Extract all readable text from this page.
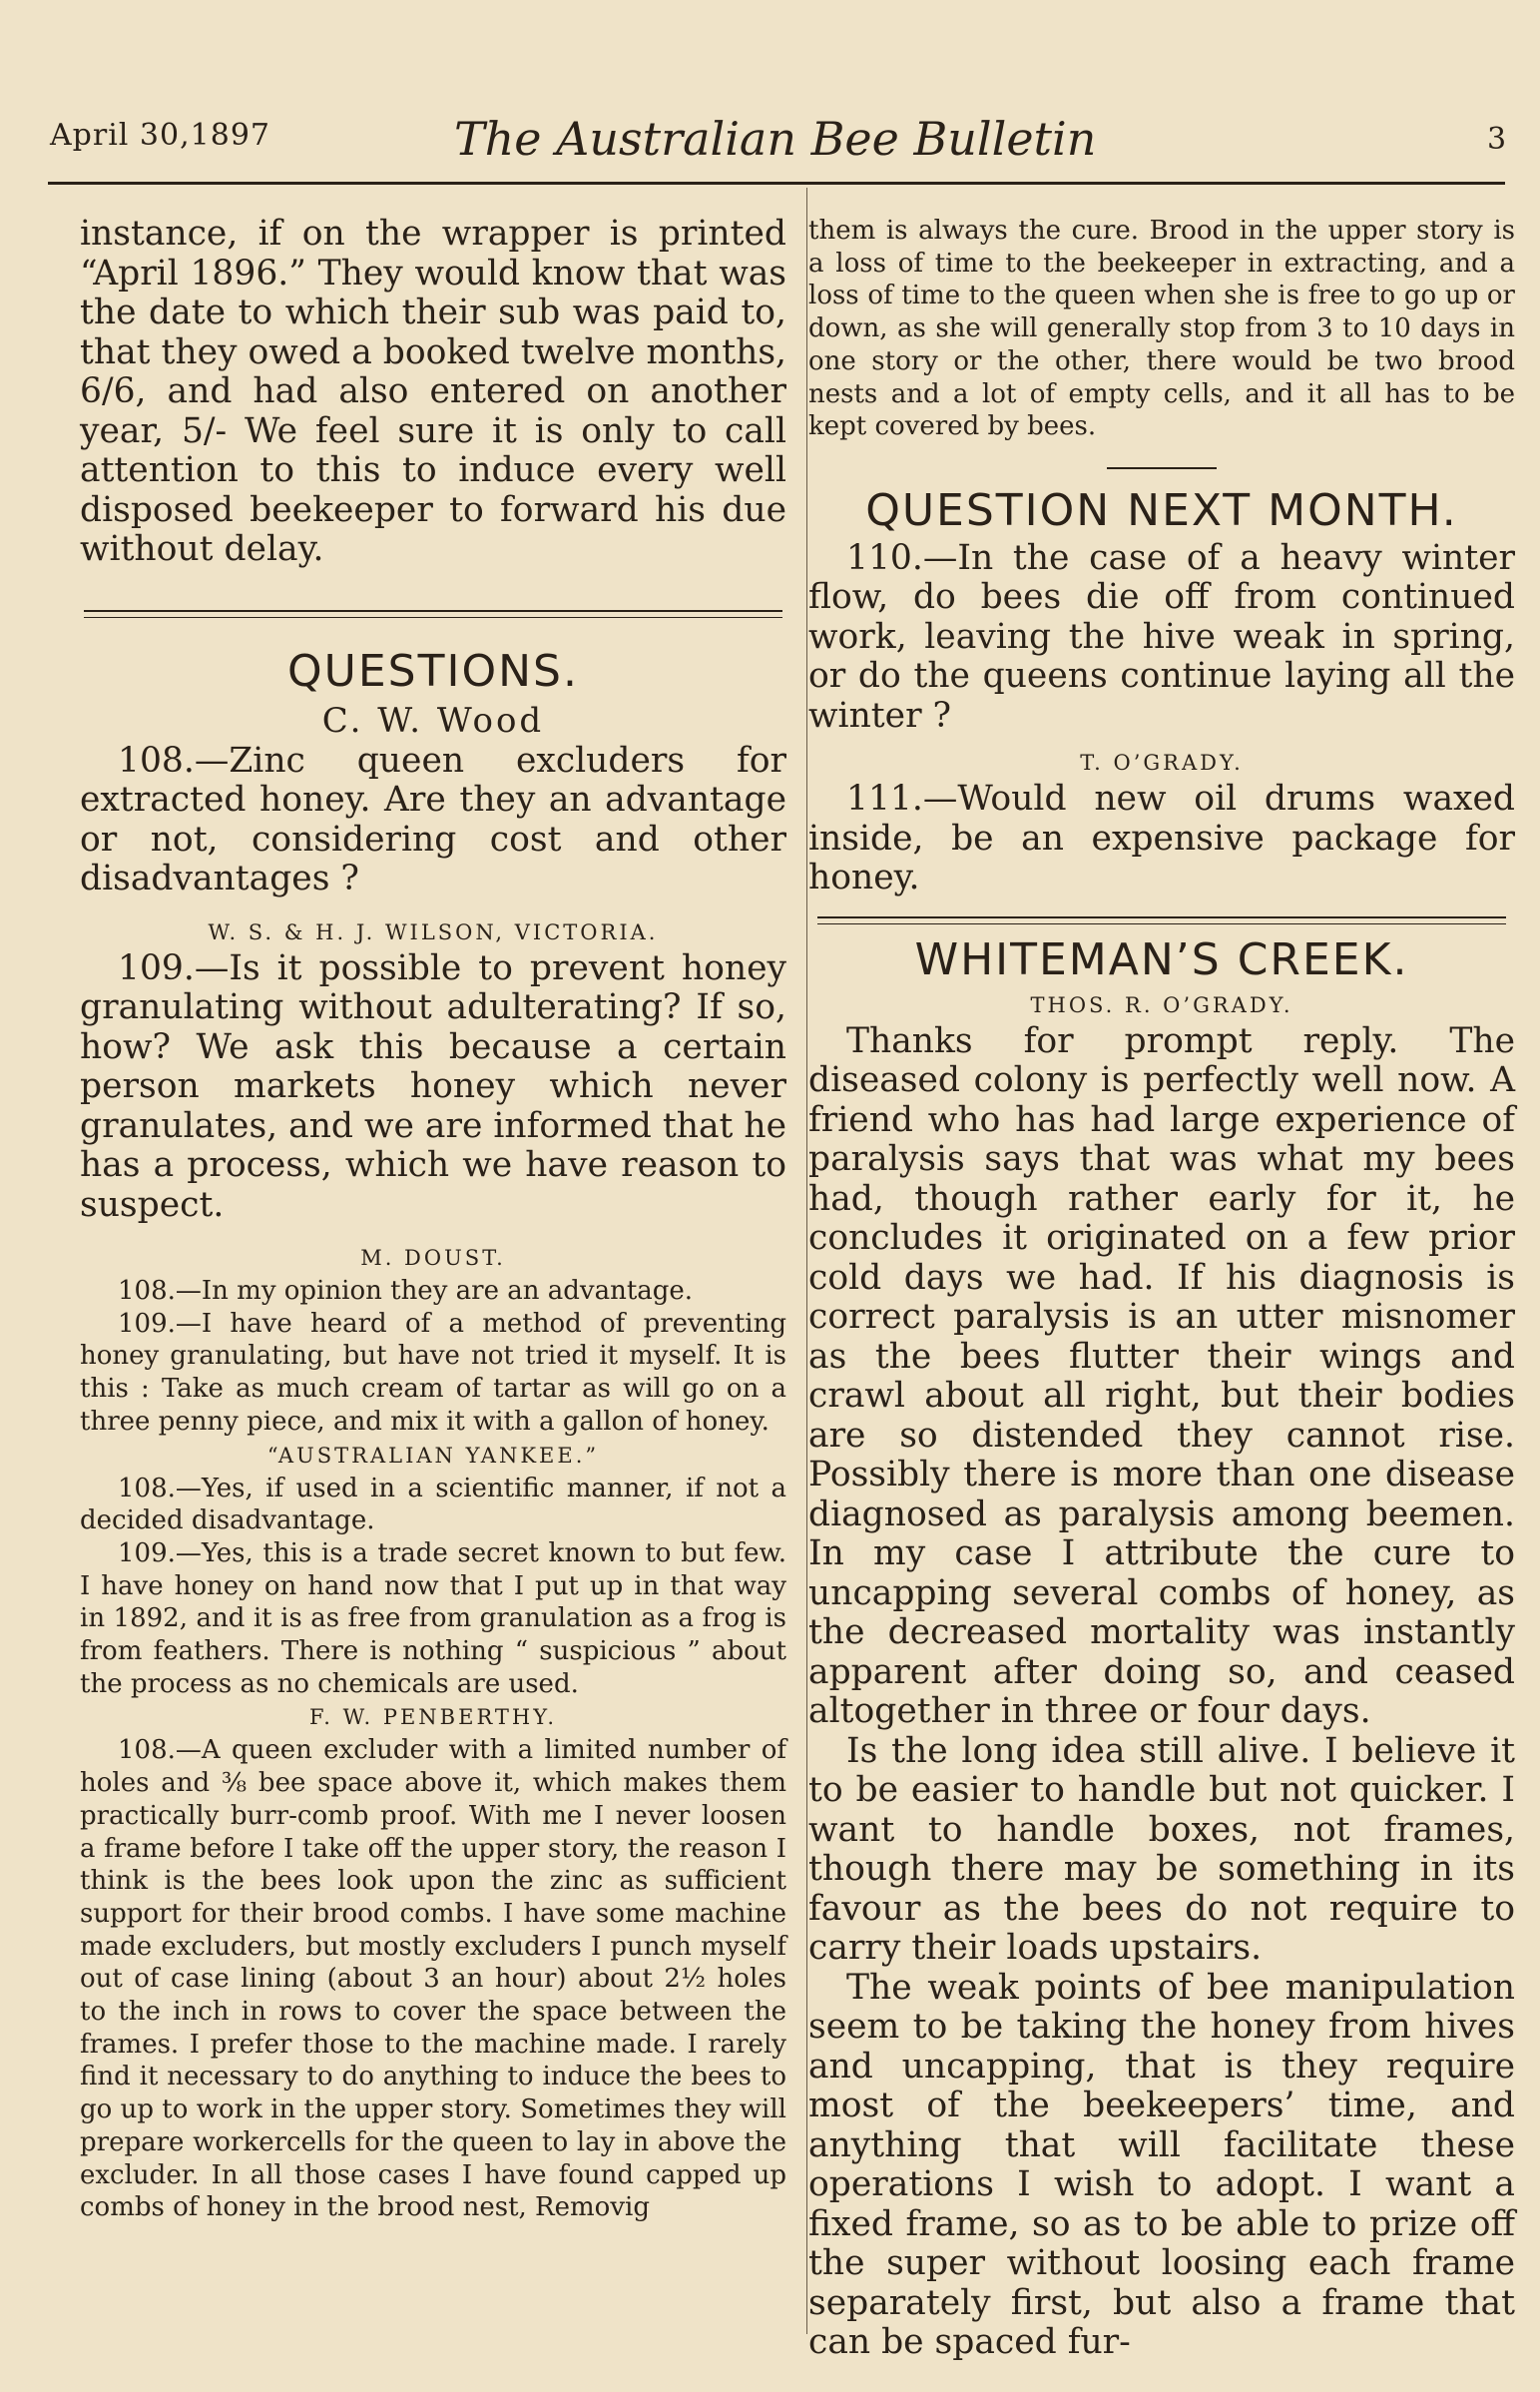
April 30,1897	The Australian Bee Bulletin	3

instance, if on the wrapper is printed “April 1896.” They would know that was the date to which their sub was paid to, that they owed a booked twelve months, 6/6, and had also entered on another year, 5/- We feel sure it is only to call attention to this to induce every well disposed beekeeper to forward his due without delay.

QUESTIONS.
C. W. Wood

108.—Zinc queen excluders for extracted honey. Are they an advantage or not, considering cost and other disadvantages ?

W. S. & H. J. WILSON, VICTORIA.

109.—Is it possible to prevent honey granulating without adulterating? If so, how? We ask this because a certain person markets honey which never granulates, and we are informed that he has a process, which we have reason to suspect.

M. DOUST.

108.—In my opinion they are an advantage.

109.—I have heard of a method of preventing honey granulating, but have not tried it myself. It is this : Take as much cream of tartar as will go on a three penny piece, and mix it with a gallon of honey.

“AUSTRALIAN YANKEE.”

108.—Yes, if used in a scientific manner, if not a decided disadvantage.

109.—Yes, this is a trade secret known to but few. I have honey on hand now that I put up in that way in 1892, and it is as free from granulation as a frog is from feathers. There is nothing “ suspicious ” about the process as no chemicals are used.

F. W. PENBERTHY.

108.—A queen excluder with a limited number of holes and ⅜ bee space above it, which makes them practically burr-comb proof. With me I never loosen a frame before I take off the upper story, the reason I think is the bees look upon the zinc as sufficient support for their brood combs. I have some machine made excluders, but mostly excluders I punch myself out of case lining (about 3 an hour) about 2½ holes to the inch in rows to cover the space between the frames. I prefer those to the machine made. I rarely find it necessary to do anything to induce the bees to go up to work in the upper story. Sometimes they will prepare workercells for the queen to lay in above the excluder. In all those cases I have found capped up combs of honey in the brood nest, Removig

them is always the cure. Brood in the upper story is a loss of time to the beekeeper in extracting, and a loss of time to the queen when she is free to go up or down, as she will generally stop from 3 to 10 days in one story or the other, there would be two brood nests and a lot of empty cells, and it all has to be kept covered by bees.

QUESTION NEXT MONTH.

110.—In the case of a heavy winter flow, do bees die off from continued work, leaving the hive weak in spring, or do the queens continue laying all the winter ?

T. O’GRADY.

111.—Would new oil drums waxed inside, be an expensive package for honey.

WHITEMAN’S CREEK.
THOS. R. O’GRADY.

Thanks for prompt reply. The diseased colony is perfectly well now. A friend who has had large experience of paralysis says that was what my bees had, though rather early for it, he concludes it originated on a few prior cold days we had. If his diagnosis is correct paralysis is an utter misnomer as the bees flutter their wings and crawl about all right, but their bodies are so distended they cannot rise. Possibly there is more than one disease diagnosed as paralysis among beemen. In my case I attribute the cure to uncapping several combs of honey, as the decreased mortality was instantly apparent after doing so, and ceased altogether in three or four days.

Is the long idea still alive. I believe it to be easier to handle but not quicker. I want to handle boxes, not frames, though there may be something in its favour as the bees do not require to carry their loads upstairs.

The weak points of bee manipulation seem to be taking the honey from hives and uncapping, that is they require most of the beekeepers’ time, and anything that will facilitate these operations I wish to adopt. I want a fixed frame, so as to be able to prize off the super without loosing each frame separately first, but also a frame that can be spaced fur-
